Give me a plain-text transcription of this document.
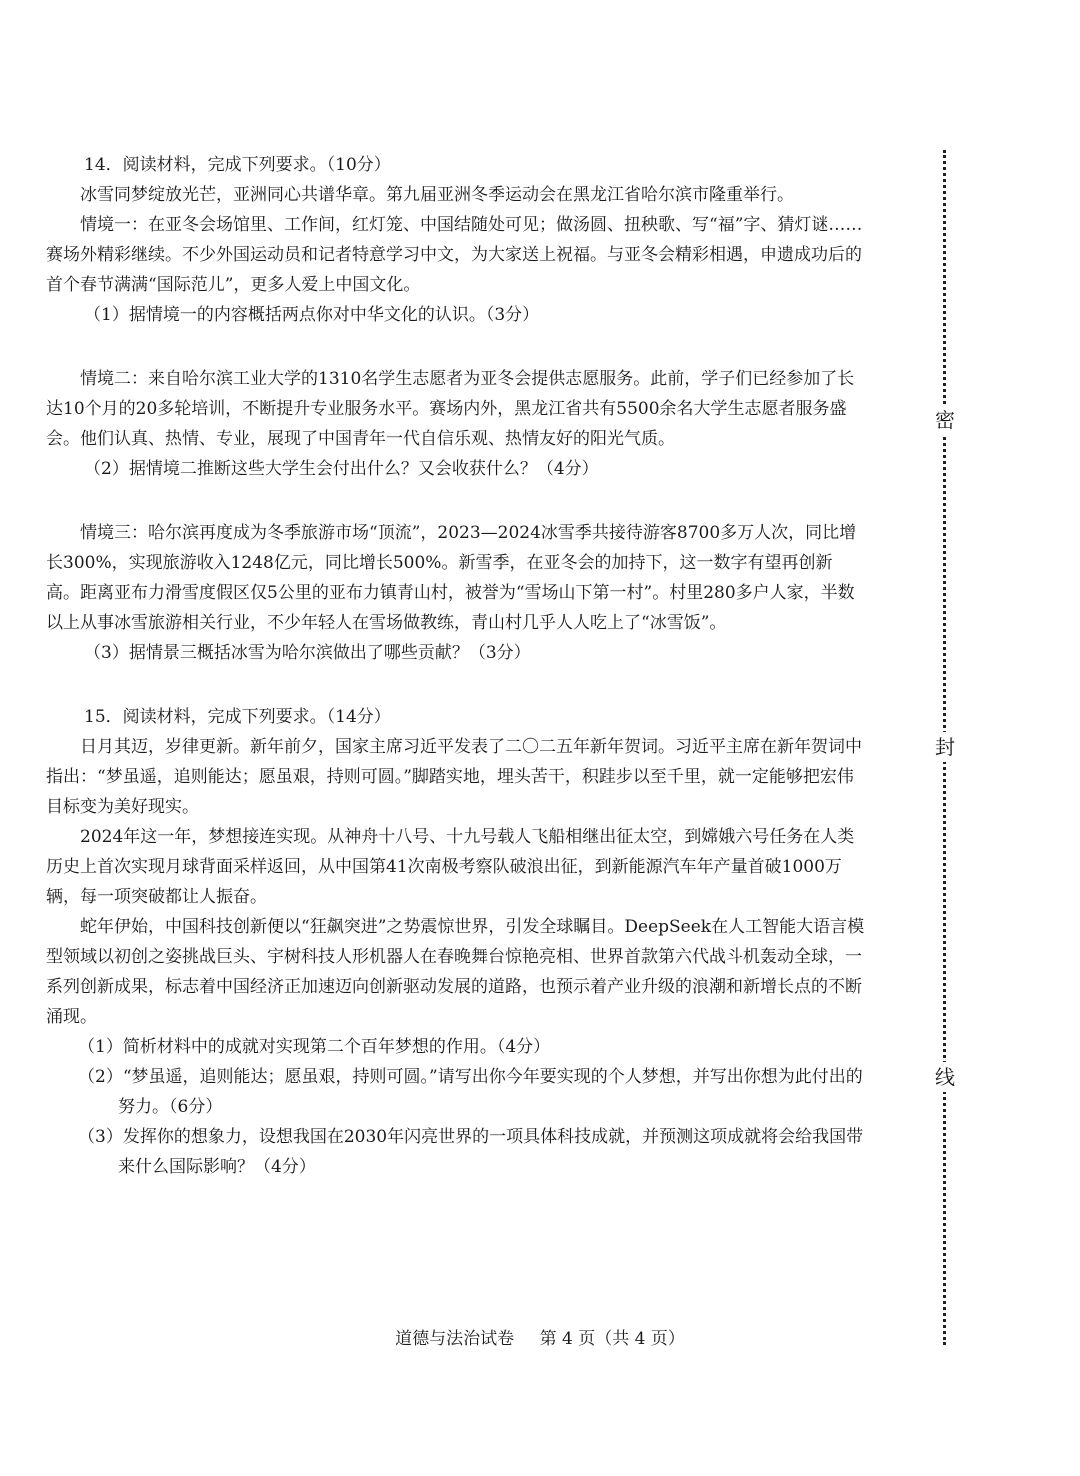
14．阅读材料，完成下列要求。（10分）

冰雪同梦绽放光芒，亚洲同心共谱华章。第九届亚洲冬季运动会在黑龙江省哈尔滨市隆重举行。

情境一：在亚冬会场馆里、工作间，红灯笼、中国结随处可见；做汤圆、扭秧歌、写“福”字、猜灯谜……赛场外精彩继续。不少外国运动员和记者特意学习中文，为大家送上祝福。与亚冬会精彩相遇，申遗成功后的首个春节满满“国际范儿”，更多人爱上中国文化。

（1）据情境一的内容概括两点你对中华文化的认识。（3分）

情境二：来自哈尔滨工业大学的1310名学生志愿者为亚冬会提供志愿服务。此前，学子们已经参加了长达10个月的20多轮培训，不断提升专业服务水平。赛场内外，黑龙江省共有5500余名大学生志愿者服务盛会。他们认真、热情、专业，展现了中国青年一代自信乐观、热情友好的阳光气质。

（2）据情境二推断这些大学生会付出什么？又会收获什么？（4分）

情境三：哈尔滨再度成为冬季旅游市场“顶流”，2023—2024冰雪季共接待游客8700多万人次，同比增长300%，实现旅游收入1248亿元，同比增长500%。新雪季，在亚冬会的加持下，这一数字有望再创新高。距离亚布力滑雪度假区仅5公里的亚布力镇青山村，被誉为“雪场山下第一村”。村里280多户人家，半数以上从事冰雪旅游相关行业，不少年轻人在雪场做教练，青山村几乎人人吃上了“冰雪饭”。

（3）据情景三概括冰雪为哈尔滨做出了哪些贡献？（3分）

15．阅读材料，完成下列要求。（14分）

日月其迈，岁律更新。新年前夕，国家主席习近平发表了二〇二五年新年贺词。习近平主席在新年贺词中指出：“梦虽遥，追则能达；愿虽艰，持则可圆。”脚踏实地，埋头苦干，积跬步以至千里，就一定能够把宏伟目标变为美好现实。

2024年这一年，梦想接连实现。从神舟十八号、十九号载人飞船相继出征太空，到嫦娥六号任务在人类历史上首次实现月球背面采样返回，从中国第41次南极考察队破浪出征，到新能源汽车年产量首破1000万辆，每一项突破都让人振奋。

蛇年伊始，中国科技创新便以“狂飙突进”之势震惊世界，引发全球瞩目。DeepSeek在人工智能大语言模型领域以初创之姿挑战巨头、宇树科技人形机器人在春晚舞台惊艳亮相、世界首款第六代战斗机轰动全球，一系列创新成果，标志着中国经济正加速迈向创新驱动发展的道路，也预示着产业升级的浪潮和新增长点的不断涌现。

（1）简析材料中的成就对实现第二个百年梦想的作用。（4分）

（2）“梦虽遥，追则能达；愿虽艰，持则可圆。”请写出你今年要实现的个人梦想，并写出你想为此付出的努力。（6分）

（3）发挥你的想象力，设想我国在2030年闪亮世界的一项具体科技成就，并预测这项成就将会给我国带来什么国际影响？（4分）

道德与法治试卷 第 4 页（共 4 页）
密
封
线
